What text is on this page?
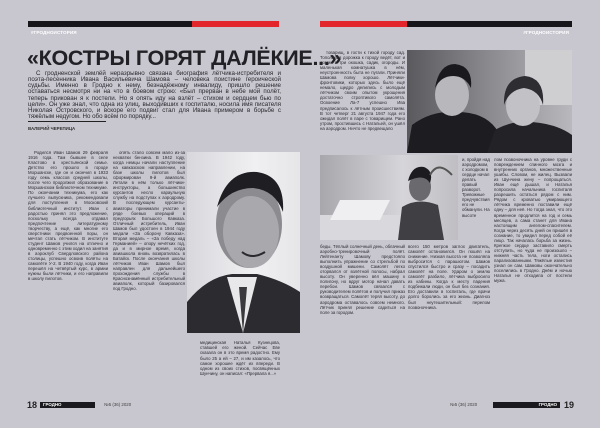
#ГРОДНОИСТОРИЯ	#ГРОДНОИСТОРИЯ
«КОСТРЫ ГОРЯТ ДАЛЁКИЕ...»

С гродненской землёй неразрывно связана биография лётчика-истребителя и поэта-песенника Ивана Васильевича Шамова – человека поистине героической судьбы. Именно в Гродно к нему, безнадёжному инвалиду, пришло решение оставаться несмотря ни на что в боевом строю: «Был прерван в небе мой полёт, теперь прикован я к постели. Но я опять иду на взлёт – стихом и сердцем бью по цели». Он уже знал, что одна из улиц, выходивших к госпиталю, носила имя писателя Николая Островского, и вскоре его подвиг стал для Ивана примером в борьбе с тяжёлым недугом. Но обо всём по порядку...

ВАЛЕРИЙ ЧЕРЕПИЦА

Родился Иван Шамов 29 февраля 1916 года. Там бывшее в селе Кластово в крестьянской семье. Детство его прошло в городе Моршанске, где он и окончил в 1933 году семь классов средней школы, после чего продолжил образование в Моршанском библиотечном техникуме. По окончании техникума, его как лучшего выпускника, рекомендовали для поступления в Московский библиотечный институт. Иван с радостью принял это предложение, поскольку всегда отдавал предпочтение литературному творчеству, а ещё, как многие его сверстники предвоенной поры, он мечтал стать лётчиком. В институте студент Шамов учился на отлично и одновременно с этим ходил на занятия в аэроклуб Свердловского района столицы, успешно освоив полёты на самолёте У-2. В 1940 году, когда Иван перешёл на четвёртый курс, в армии нужны были лётчики, и его направили в школу пилотов.

опять стало совсем мало из-за нехватки бензина. В 1942 году, когда немцы начали наступление на кавказском направлении, на базе школы пилотов был сформирован 9-й авиаполк. Летали в нём только лётчики-инструкторы, а большинство курсантов несло караульную службу на подступах к аэродрому. В последующем курсанты-авиаторы принимали участие в ряде боевых операций в предгорьях Большого Кавказа. Отличный истребитель, Иван Шамов был удостоен в 1944 году медали «За оборону Кавказа». Вторая медаль – «За победу над Германией» – опору нечётких год, да и в мирное время, когда авиашкола вновь возвратилась в Батайск. После окончания школы лётчиков Иван Шамов был направлен для дальнейшего прохождения службы в Краснознамённый истребительный авиаполк, который базировался под Гродно.

медицинская Наталья Кузнецова, ставшей его женой. Сейчас Еве сказала он в это время радостно. Ему было 25 а ей – 27, и им казалось, что самое хорошее ждёт их впереди. В одном из своих стихов, посвящённых Шунчину, он написал: «Прервала я...»

товарищ, в гости к тихой городу сад. Тополевая дорожка к городу ведёт, вот и домик в три окошка, садик, огороды. И маленькая комнатушка в нём, неустроенность быта не пугали. Приняли Шамова полку хорошо. Лётчики-фронтовики, которых здесь было ещё немало, щедро делились с молодым лётчиком своим опытом укрощения достаточно строптивого самолёта. Освоение Ла-7 успешно Ива предписалось к лётным происшествиям. В тот четверг 21 августа 1947 года его ожидал полёт в паре с товарищем. Рано утром, простившись с Натальей, он ушёл на аэродром. Ничто не предвещало

и, пройдя над аэродромом, с холодком в сердце начал делать правый разворот. Тревожные предчувствия его не обманули. На высоте

беды. Тёплый солнечный день, облачный аэробно-тренировочный полёт. Лейтенанту Шамову предстояло выполнить упражнение со стрельбой по воздушной мишени. Самолёт легко оторвался от взлётной полосы, набрал высоту. Он уверенно вёл машину к полигону, но вдруг мотор начал давать перебои. Шамов связался с руководителем полётов и получил приказ возвращаться. Самолёт терял высоту, до аэродрома оставалось совсем немного. Лётчик принял решение садиться на поле за городом.

всего 150 метров заглох двигатель, самолёт остановился. Он пошёл на снижение. Низкая высота не позволяла выбросится с парашютом. Шамов спустился быстро и сразу – посадить самолёт на поле. Ударом о землю самолёт разбило, лётчика выбросило из кабины. Когда к месту падения подбежали люди, он был без сознания. Его доставили в госпиталь, где врачи долго боролись за его жизнь. Диагноз был неутешительный: перелом позвоночника.

лом позвоночника на уровне груди с повреждением спинного мозга и внутренних органов, множественные ушибы. Словом, не жилец. Вызвали из Шунчина жену – попрощаться. Иван ещё дышал, и Наталья попросила начальника госпиталя разрешить остаться рядом с ним. Рядом с кроватью умирающего лётчика временно поставили ещё одну – для неё. Но тогда знал, что это временное продлится на год и семь месяцев, а сама станет для Ивана настоящим ангелом-спасителем. Когда через десять дней он пришёл в сознание, то увидел перед собой её лицо. Так началась борьба за жизнь. Крепкое сердце заставило смерть отступить, но чуда не произошло – нижняя часть тела, ноги остались парализованными. Тяжёлые известия узнал он сам. Шамовы окончательно поселились в Гродно. Днём и ночью Наталья не отходила от постели мужа.

18	ГРОДНО	№5 (36) 2020	№5 (36) 2020	ГРОДНО 19
